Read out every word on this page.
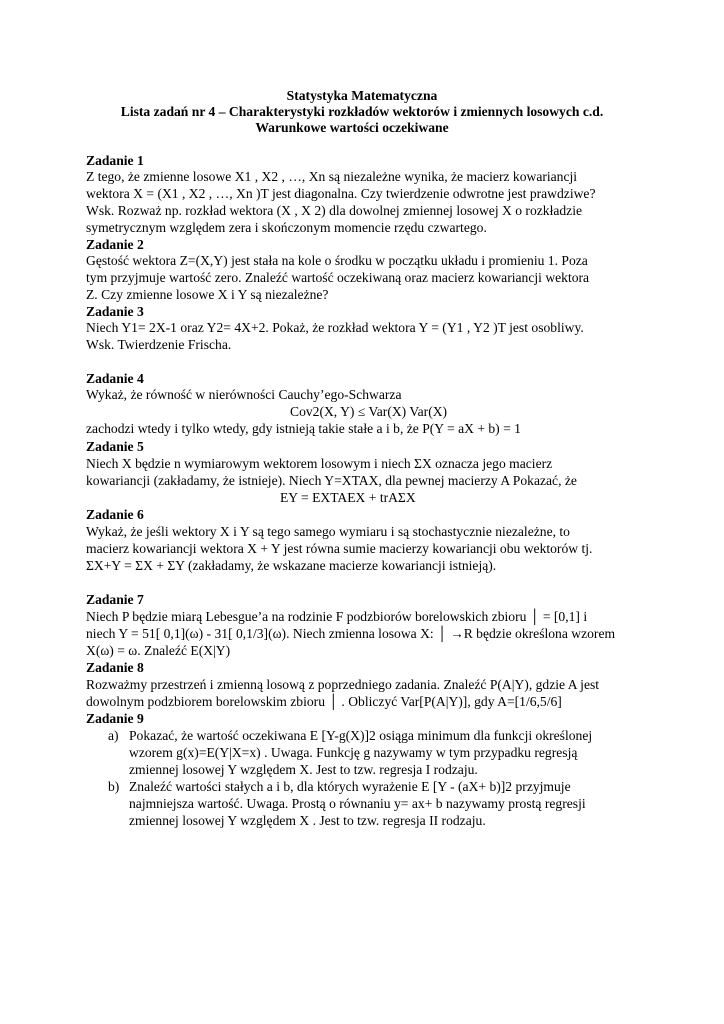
Statystyka Matematyczna
Lista zadań nr 4 – Charakterystyki rozkładów wektorów i zmiennych losowych c.d.
Warunkowe wartości oczekiwane
Zadanie 1
Z tego, że zmienne losowe X1 , X2 , …, Xn są niezależne wynika, że macierz kowariancji
wektora X = (X1 , X2 , …, Xn )T jest diagonalna. Czy twierdzenie odwrotne jest prawdziwe?
Wsk. Rozważ np. rozkład wektora (X , X 2) dla dowolnej zmiennej losowej X o rozkładzie
symetrycznym względem zera i skończonym momencie rzędu czwartego.
Zadanie 2
Gęstość wektora Z=(X,Y) jest stała na kole o środku w początku układu i promieniu 1. Poza
tym przyjmuje wartość zero. Znaleźć wartość oczekiwaną oraz macierz kowariancji wektora
Z. Czy zmienne losowe X i Y są niezależne?
Zadanie 3
Niech Y1= 2X-1 oraz Y2= 4X+2. Pokaż, że rozkład wektora Y = (Y1 , Y2 )T jest osobliwy.
Wsk. Twierdzenie Frischa.
Zadanie 4
Wykaż, że równość w nierówności Cauchy’ego-Schwarza
Cov2(X, Y) ≤ Var(X) Var(X)
zachodzi wtedy i tylko wtedy, gdy istnieją takie stałe a i b, że P(Y = aX + b) = 1
Zadanie 5
Niech X będzie n wymiarowym wektorem losowym i niech ΣX oznacza jego macierz
kowariancji (zakładamy, że istnieje). Niech Y=XTAX, dla pewnej macierzy A Pokazać, że
EY = EXTAEX + trAΣX
Zadanie 6
Wykaż, że jeśli wektory X i Y są tego samego wymiaru i są stochastycznie niezależne, to
macierz kowariancji wektora X + Y jest równa sumie macierzy kowariancji obu wektorów tj.
ΣX+Y = ΣX + ΣY (zakładamy, że wskazane macierze kowariancji istnieją).
Zadanie 7
Niech P będzie miarą Lebesgue’a na rodzinie F podzbiorów borelowskich zbioru │ = [0,1] i
niech Y = 51[ 0,1](ω) - 31[ 0,1/3](ω). Niech zmienna losowa X: │ →R będzie określona wzorem
X(ω) = ω. Znaleźć E(X|Y)
Zadanie 8
Rozważmy przestrzeń i zmienną losową z poprzedniego zadania. Znaleźć P(A|Y), gdzie A jest
dowolnym podzbiorem borelowskim zbioru │ . Obliczyć Var[P(A|Y)], gdy A=[1/6,5/6]
Zadanie 9
a) Pokazać, że wartość oczekiwana E [Y-g(X)]2 osiąga minimum dla funkcji określonej
wzorem g(x)=E(Y|X=x) . Uwaga. Funkcję g nazywamy w tym przypadku regresją
zmiennej losowej Y względem X. Jest to tzw. regresja I rodzaju.
b) Znaleźć wartości stałych a i b, dla których wyrażenie E [Y - (aX+ b)]2 przyjmuje
najmniejsza wartość. Uwaga. Prostą o równaniu y= ax+ b nazywamy prostą regresji
zmiennej losowej Y względem X . Jest to tzw. regresja II rodzaju.
